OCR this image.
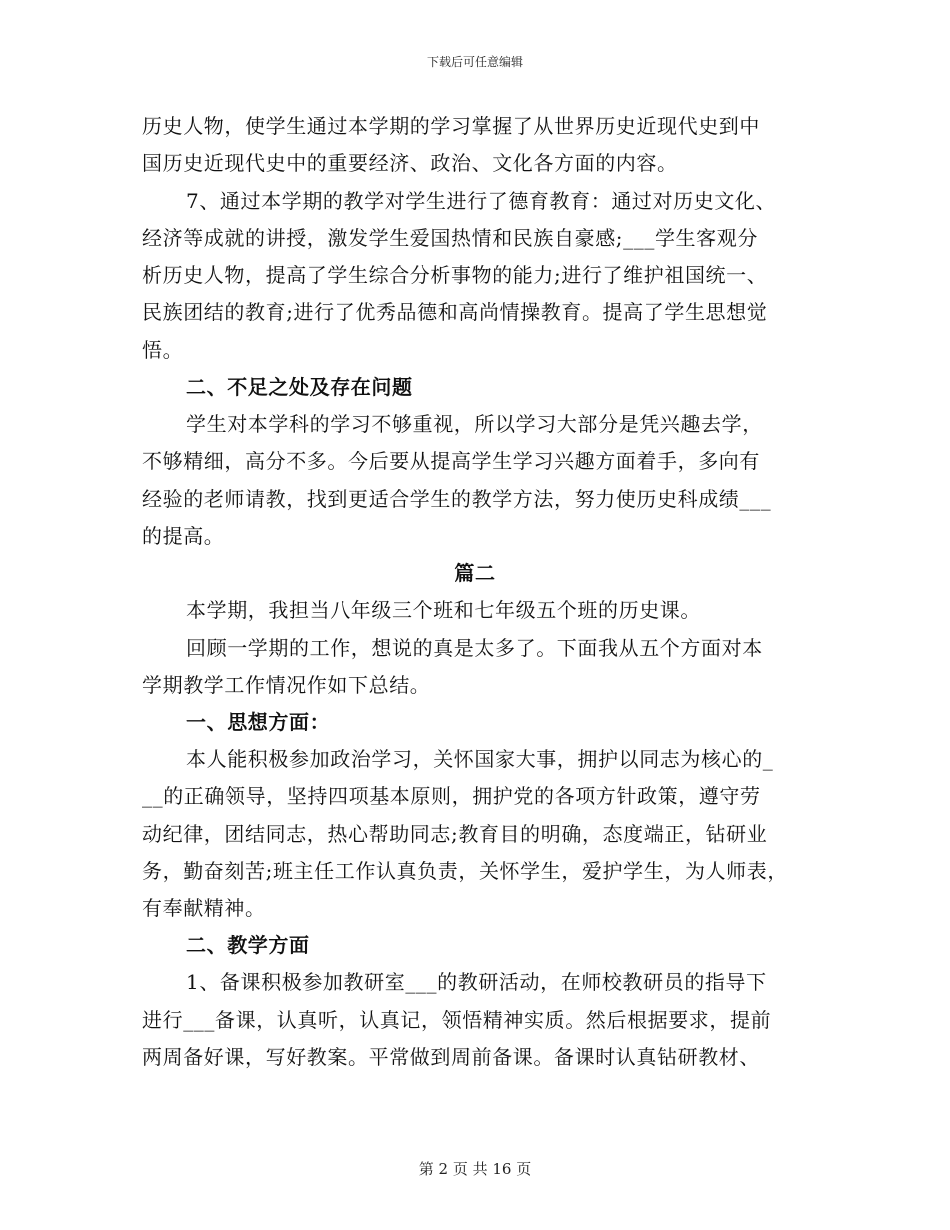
下载后可任意编辑
历史人物，使学生通过本学期的学习掌握了从世界历史近现代史到中
国历史近现代史中的重要经济、政治、文化各方面的内容。
7、通过本学期的教学对学生进行了德育教育：通过对历史文化、
经济等成就的讲授，激发学生爱国热情和民族自豪感;___学生客观分
析历史人物，提高了学生综合分析事物的能力;进行了维护祖国统一、
民族团结的教育;进行了优秀品德和高尚情操教育。提高了学生思想觉
悟。
二、不足之处及存在问题
学生对本学科的学习不够重视，所以学习大部分是凭兴趣去学，
不够精细，高分不多。今后要从提高学生学习兴趣方面着手，多向有
经验的老师请教，找到更适合学生的教学方法，努力使历史科成绩___
的提高。
篇二
本学期，我担当八年级三个班和七年级五个班的历史课。
回顾一学期的工作，想说的真是太多了。下面我从五个方面对本
学期教学工作情况作如下总结。
一、思想方面：
本人能积极参加政治学习，关怀国家大事，拥护以同志为核心的_
__的正确领导，坚持四项基本原则，拥护党的各项方针政策，遵守劳
动纪律，团结同志，热心帮助同志;教育目的明确，态度端正，钻研业
务，勤奋刻苦;班主任工作认真负责，关怀学生，爱护学生，为人师表，
有奉献精神。
二、教学方面
1、备课积极参加教研室___的教研活动，在师校教研员的指导下
进行___备课，认真听，认真记，领悟精神实质。然后根据要求，提前
两周备好课，写好教案。平常做到周前备课。备课时认真钻研教材、
第 2 页 共 16 页
